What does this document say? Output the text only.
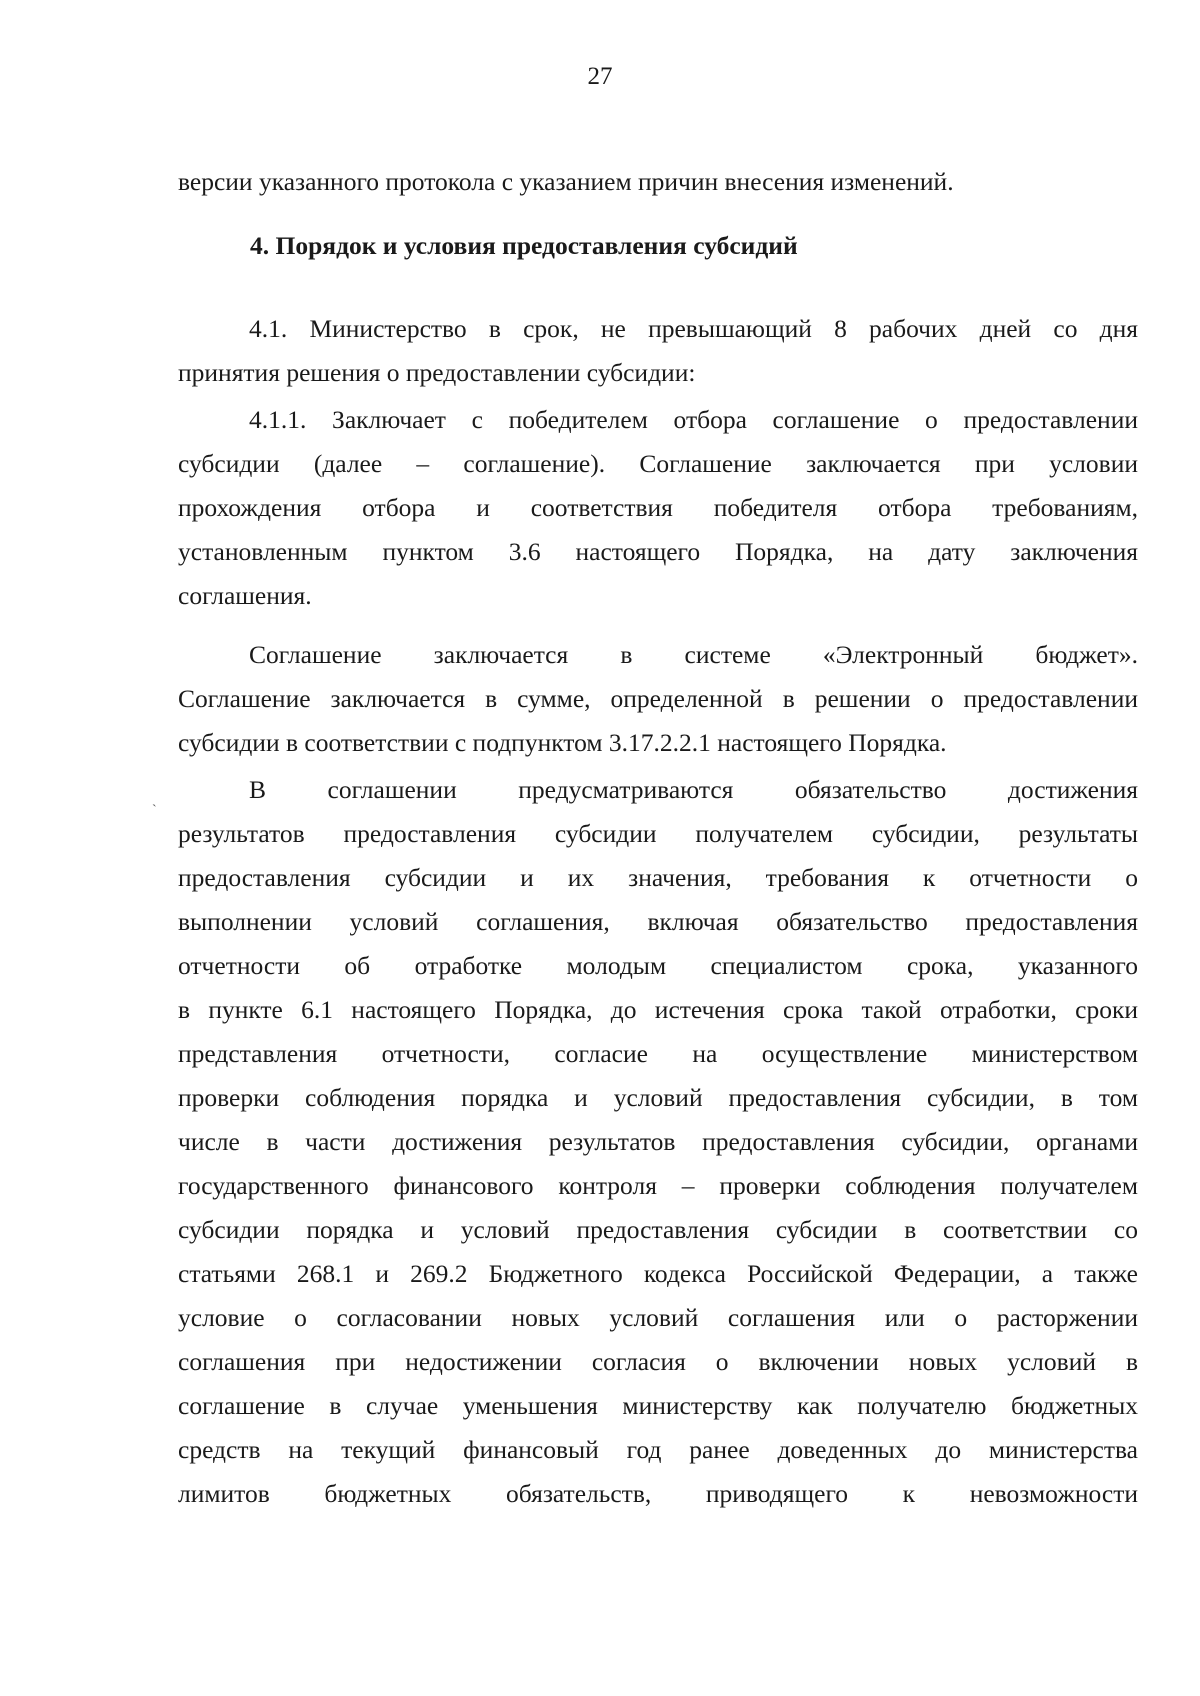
27
версии указанного протокола с указанием причин внесения изменений.
4. Порядок и условия предоставления субсидий
4.1. Министерство в срок, не превышающий 8 рабочих дней со дня
принятия решения о предоставлении субсидии:
4.1.1. Заключает с победителем отбора соглашение о предоставлении
субсидии (далее – соглашение). Соглашение заключается при условии
прохождения отбора и соответствия победителя отбора требованиям,
установленным пунктом 3.6 настоящего Порядка, на дату заключения
соглашения.
Соглашение заключается в системе «Электронный бюджет».
Соглашение заключается в сумме, определенной в решении о предоставлении
субсидии в соответствии с подпунктом 3.17.2.2.1 настоящего Порядка.
В соглашении предусматриваются обязательство достижения
результатов предоставления субсидии получателем субсидии, результаты
предоставления субсидии и их значения, требования к отчетности о
выполнении условий соглашения, включая обязательство предоставления
отчетности об отработке молодым специалистом срока, указанного
в пункте 6.1 настоящего Порядка, до истечения срока такой отработки, сроки
представления отчетности, согласие на осуществление министерством
проверки соблюдения порядка и условий предоставления субсидии, в том
числе в части достижения результатов предоставления субсидии, органами
государственного финансового контроля – проверки соблюдения получателем
субсидии порядка и условий предоставления субсидии в соответствии со
статьями 268.1 и 269.2 Бюджетного кодекса Российской Федерации, а также
условие о согласовании новых условий соглашения или о расторжении
соглашения при недостижении согласия о включении новых условий в
соглашение в случае уменьшения министерству как получателю бюджетных
средств на текущий финансовый год ранее доведенных до министерства
лимитов бюджетных обязательств, приводящего к невозможности
`
